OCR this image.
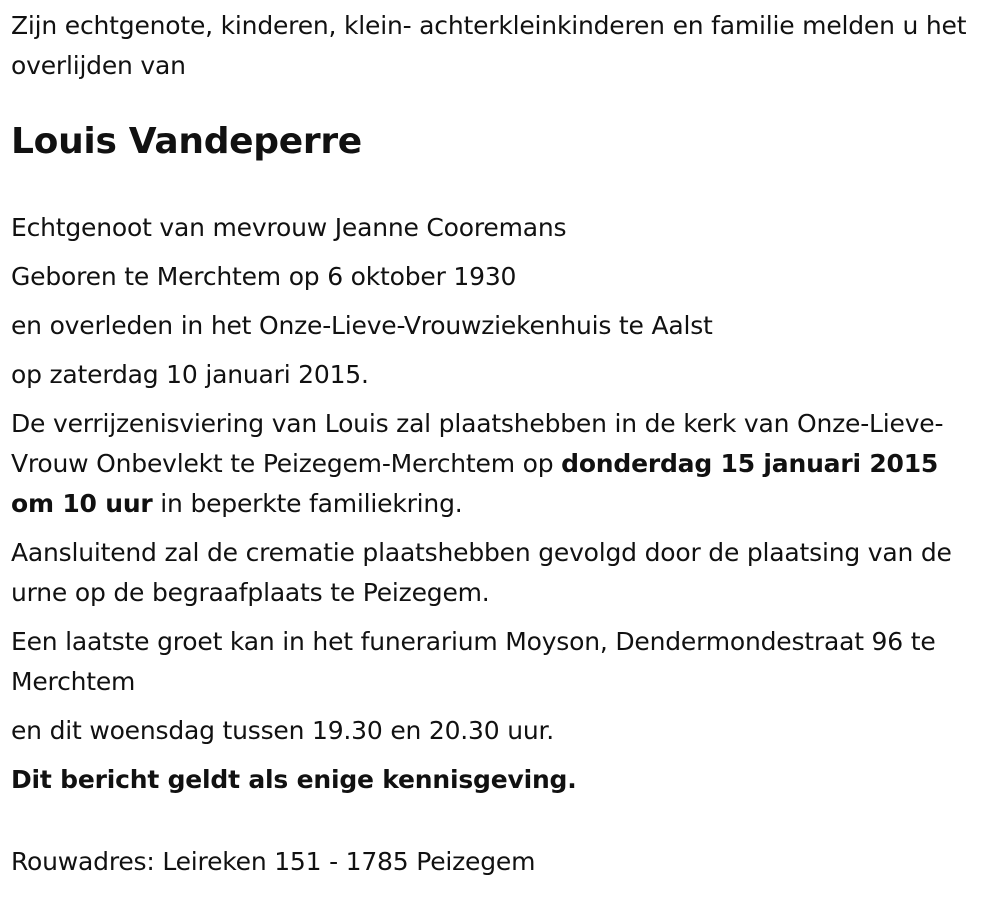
Zijn echtgenote, kinderen, klein- achterkleinkinderen en familie melden u het overlijden van

Louis Vandeperre

Echtgenoot van mevrouw Jeanne Cooremans

Geboren te Merchtem op 6 oktober 1930

en overleden in het Onze-Lieve-Vrouwziekenhuis te Aalst

op zaterdag 10 januari 2015.

De verrijzenisviering van Louis zal plaatshebben in de kerk van Onze-Lieve-Vrouw Onbevlekt te Peizegem-Merchtem op donderdag 15 januari 2015 om 10 uur in beperkte familiekring.

Aansluitend zal de crematie plaatshebben gevolgd door de plaatsing van de urne op de begraafplaats te Peizegem.

Een laatste groet kan in het funerarium Moyson, Dendermondestraat 96 te Merchtem

en dit woensdag tussen 19.30 en 20.30 uur.

Dit bericht geldt als enige kennisgeving.

Rouwadres: Leireken 151 - 1785 Peizegem
